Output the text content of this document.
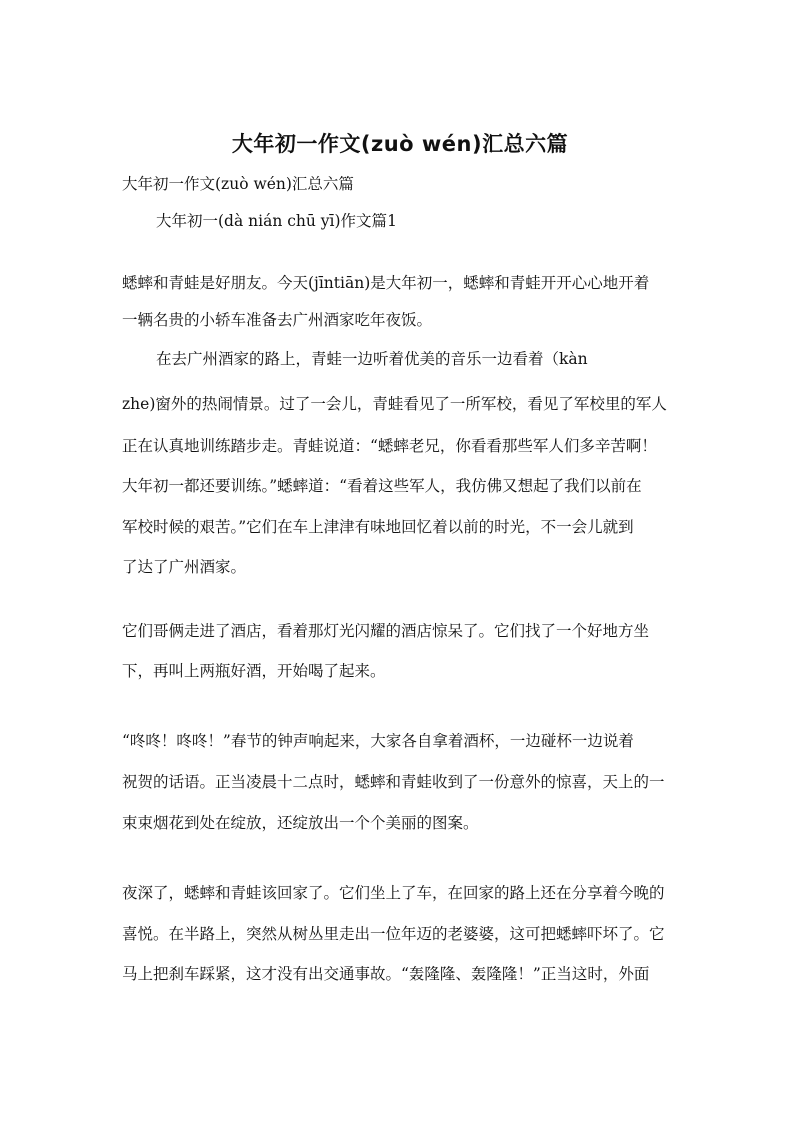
大年初一作文(zuò wén)汇总六篇

大年初一作文(zuò wén)汇总六篇

大年初一(dà nián chū yī)作文篇1

蟋蟀和青蛙是好朋友。今天(jīntiān)是大年初一，蟋蟀和青蛙开开心心地开着

一辆名贵的小轿车准备去广州酒家吃年夜饭。

在去广州酒家的路上，青蛙一边听着优美的音乐一边看着（kàn

zhe)窗外的热闹情景。过了一会儿，青蛙看见了一所军校，看见了军校里的军人

正在认真地训练踏步走。青蛙说道：“蟋蟀老兄，你看看那些军人们多辛苦啊！

大年初一都还要训练。”蟋蟀道：“看着这些军人，我仿佛又想起了我们以前在

军校时候的艰苦。”它们在车上津津有味地回忆着以前的时光，不一会儿就到

了达了广州酒家。

它们哥俩走进了酒店，看着那灯光闪耀的酒店惊呆了。它们找了一个好地方坐

下，再叫上两瓶好酒，开始喝了起来。

“咚咚！咚咚！”春节的钟声响起来，大家各自拿着酒杯，一边碰杯一边说着

祝贺的话语。正当凌晨十二点时，蟋蟀和青蛙收到了一份意外的惊喜，天上的一

束束烟花到处在绽放，还绽放出一个个美丽的图案。

夜深了，蟋蟀和青蛙该回家了。它们坐上了车，在回家的路上还在分享着今晚的

喜悦。在半路上，突然从树丛里走出一位年迈的老婆婆，这可把蟋蟀吓坏了。它

马上把刹车踩紧，这才没有出交通事故。“轰隆隆、轰隆隆！”正当这时，外面
